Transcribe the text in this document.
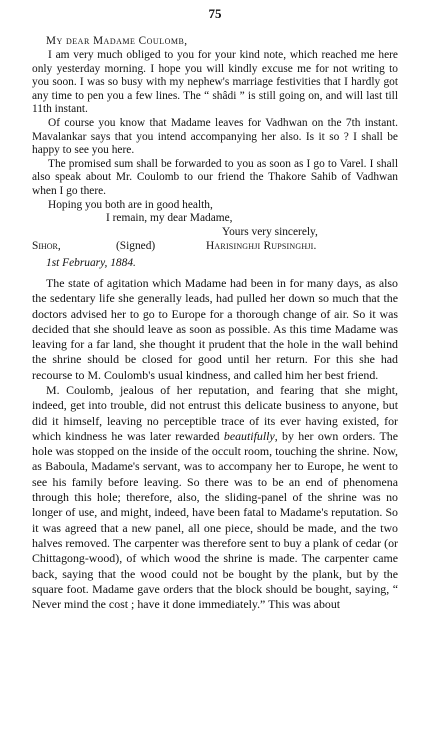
75
My dear Madame Coulomb,

I am very much obliged to you for your kind note, which reached me here only yesterday morning. I hope you will kindly excuse me for not writing to you soon. I was so busy with my nephew's marriage festivities that I hardly got any time to pen you a few lines. The “ shâdi ” is still going on, and will last till 11th instant.

Of course you know that Madame leaves for Vadhwan on the 7th instant. Mavalankar says that you intend accompanying her also. Is it so ? I shall be happy to see you here.

The promised sum shall be forwarded to you as soon as I go to Varel. I shall also speak about Mr. Coulomb to our friend the Thakore Sahib of Vadhwan when I go there.

Hoping you both are in good health,
I remain, my dear Madame,
Yours very sincerely,
Sihor,	(Signed)	Harisinghji Rupsinghji.
1st February, 1884.

The state of agitation which Madame had been in for many days, as also the sedentary life she generally leads, had pulled her down so much that the doctors advised her to go to Europe for a thorough change of air. So it was decided that she should leave as soon as possible. As this time Madame was leaving for a far land, she thought it prudent that the hole in the wall behind the shrine should be closed for good until her return. For this she had recourse to M. Coulomb's usual kindness, and called him her best friend.

M. Coulomb, jealous of her reputation, and fearing that she might, indeed, get into trouble, did not entrust this delicate business to anyone, but did it himself, leaving no perceptible trace of its ever having existed, for which kindness he was later rewarded beautifully, by her own orders. The hole was stopped on the inside of the occult room, touching the shrine. Now, as Baboula, Madame's servant, was to accompany her to Europe, he went to see his family before leaving. So there was to be an end of phenomena through this hole; therefore, also, the sliding-panel of the shrine was no longer of use, and might, indeed, have been fatal to Madame's reputation. So it was agreed that a new panel, all one piece, should be made, and the two halves removed. The carpenter was therefore sent to buy a plank of cedar (or Chittagong-wood), of which wood the shrine is made. The carpenter came back, saying that the wood could not be bought by the plank, but by the square foot. Madame gave orders that the block should be bought, saying, “ Never mind the cost ; have it done immediately.” This was about
